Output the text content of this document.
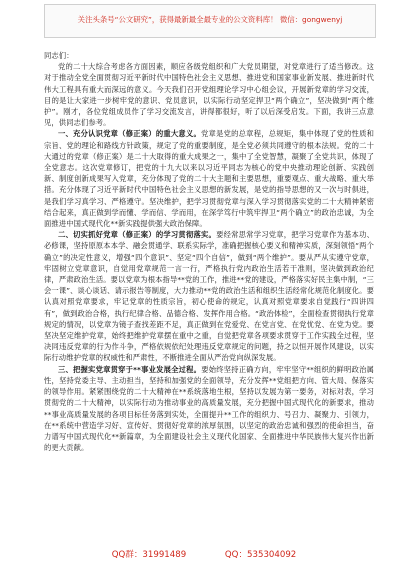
关注头条号“公文研究”，获得最新最全最专业的公文资料库！ 微信：gongwenyj

同志们：

党的二十大综合考虑各方面因素，顺应各级党组织和广大党员期望，对党章进行了适当修改。这对于推动全党全面贯彻习近平新时代中国特色社会主义思想、推进党和国家事业新发展、推进新时代伟大工程具有重大而深远的意义。今天我们召开党组理论学习中心组会议，开展新党章的学习交流，目的是让大家进一步树牢党的意识、党员意识，以实际行动坚定捍卫“两个确立”，坚决做到“两个维护”。刚才，各位党组成员作了学习交流发言，讲得都很好，听了以后深受启发。下面，我讲三点意见，供同志们参考。

一、充分认识党章（修正案）的重大意义。党章是党的总章程，总规矩，集中体现了党的性质和宗旨、党的理论和路线方针政策，规定了党的重要制度，是全党必须共同遵守的根本法规。党的二十大通过的党章（修正案）是二十大取得的重大成果之一，集中了全党智慧，凝聚了全党共识，体现了全党意志。这次党章修订，把党的十九大以来以习近平同志为核心的党中央推动理论创新、实践创新、制度创新成果写入党章，充分体现了党的二十大主题和主要思想，重要观点、重大战略、重大举措。充分体现了习近平新时代中国特色社会主义思想的新发展，是党的指导思想的又一次与时俱进，是我们学习真学习、严格遵守。坚决维护，把学习贯彻党章与深入学习贯彻落实党的二十大精神紧密结合起来，真正做到学而懂、学而信、学而用，在深学笃行中筑牢捍卫“两个确立”的政治忠诚，为全面推进中国式现代化**新实践提供强大政治保障。

二、切实抓好党章（修正案）的学习贯彻落实。要经常思常学习党章，把学习党章作为基本功、必修课，坚持原原本本学、融会贯通学、联系实际学，准确把握核心要义和精神实质，深刻领悟“两个确立”的决定性意义，增强“四个意识”、坚定“四个自信”，做到“两个维护”。要从严从实遵守党章，牢固树立党章意识，自觉用党章规范一言一行，严格执行党内政治生活若干准则，坚决做到政治纪律，严肃政治生活。要以党章为根本指导**党的工作，推进**党的建设，严格落实好民主集中制，“三会一课”、谈心谈话、请示报告等制度，大力推动**党的政治生活和组织生活经常化规范化制度化。要认真对照党章要求，牢记党章的性质宗旨，初心使命的规定，认真对照党章要求自觉践行“四讲四有”，做到政治合格，执行纪律合格、品德合格、发挥作用合格。“政治体检”，全面检查贯彻执行党章规定的情况，以党章为镜子查找差距不足，真正做到在党爱党、在党言党、在党忧党、在党为党。要坚决坚定维护党章，始终把维护党章摆在重中之重，自觉把党章各项要求贯穿于工作实践全过程，坚决同违反党章的行为作斗争，严格依规依纪处理违反党章规定的问题，持之以恒开展作风建设，以实际行动维护党章的权威性和严肃性，不断推进全面从严治党向纵深发展。

三、把握实党章贯穿于**事业发展全过程。要始终坚持正确方向，牢牢坚守**组织的鲜明政治属性，坚持党委主导、主动担当，坚持和加强党的全面领导，充分发挥**党组把方向、管大局、保落实的领导作用。紧紧围绕党的二十大精神在**系统落地生根，坚持以发展为第一要务，对标对表，学习贯彻党的二十大精神，以实际行动为推动事业的高质量发展，充分把握中国式现代化的新要求，推动**事业高质量发展的各项目标任务落到实处，全面提升**工作的组织力、号召力、凝聚力、引领力，在**系统中营造学习好、宣传好、贯彻好党章的浓厚氛围，以坚定的政治忠诚和强烈的使命担当，奋力谱写中国式现代化**新篇章，为全面建设社会主义现代化国家、全面推进中华民族伟大复兴作出新的更大贡献。

QQ群：31991489	QQ：535304092
